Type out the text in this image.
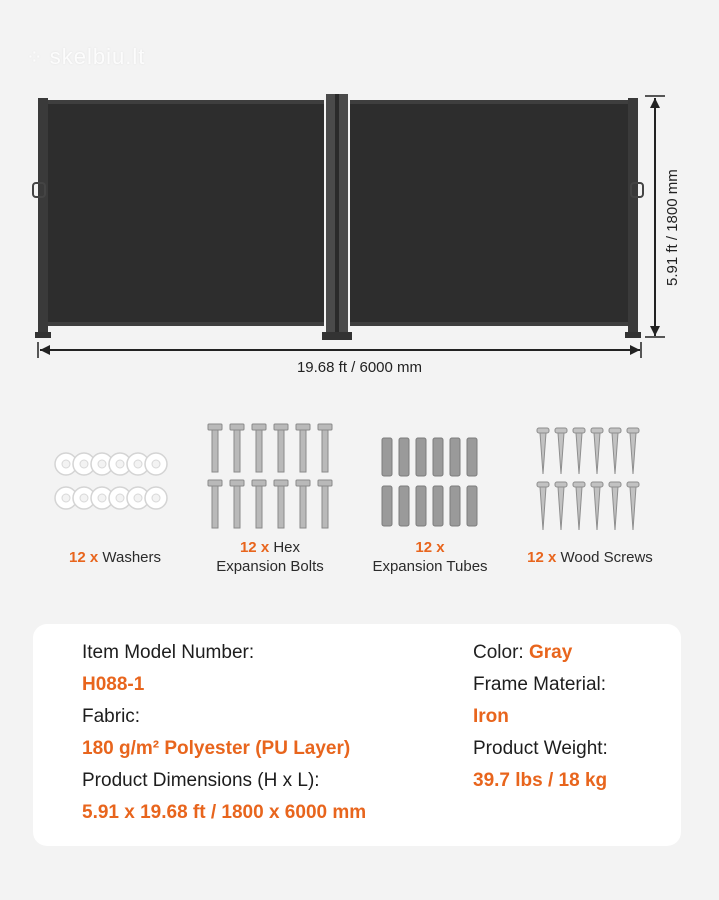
⁘ skelbiu.lt
19.68 ft / 6000 mm
5.91 ft / 1800 mm
12 x Washers
12 x Hex
Expansion Bolts
12 x
Expansion Tubes
12 x Wood Screws
Item Model Number:
H088-1
Fabric:
180 g/m² Polyester (PU Layer)
Product Dimensions (H x L):
5.91 x 19.68 ft / 1800 x 6000 mm
Color: Gray
Frame Material:
Iron
Product Weight:
39.7 lbs / 18 kg
